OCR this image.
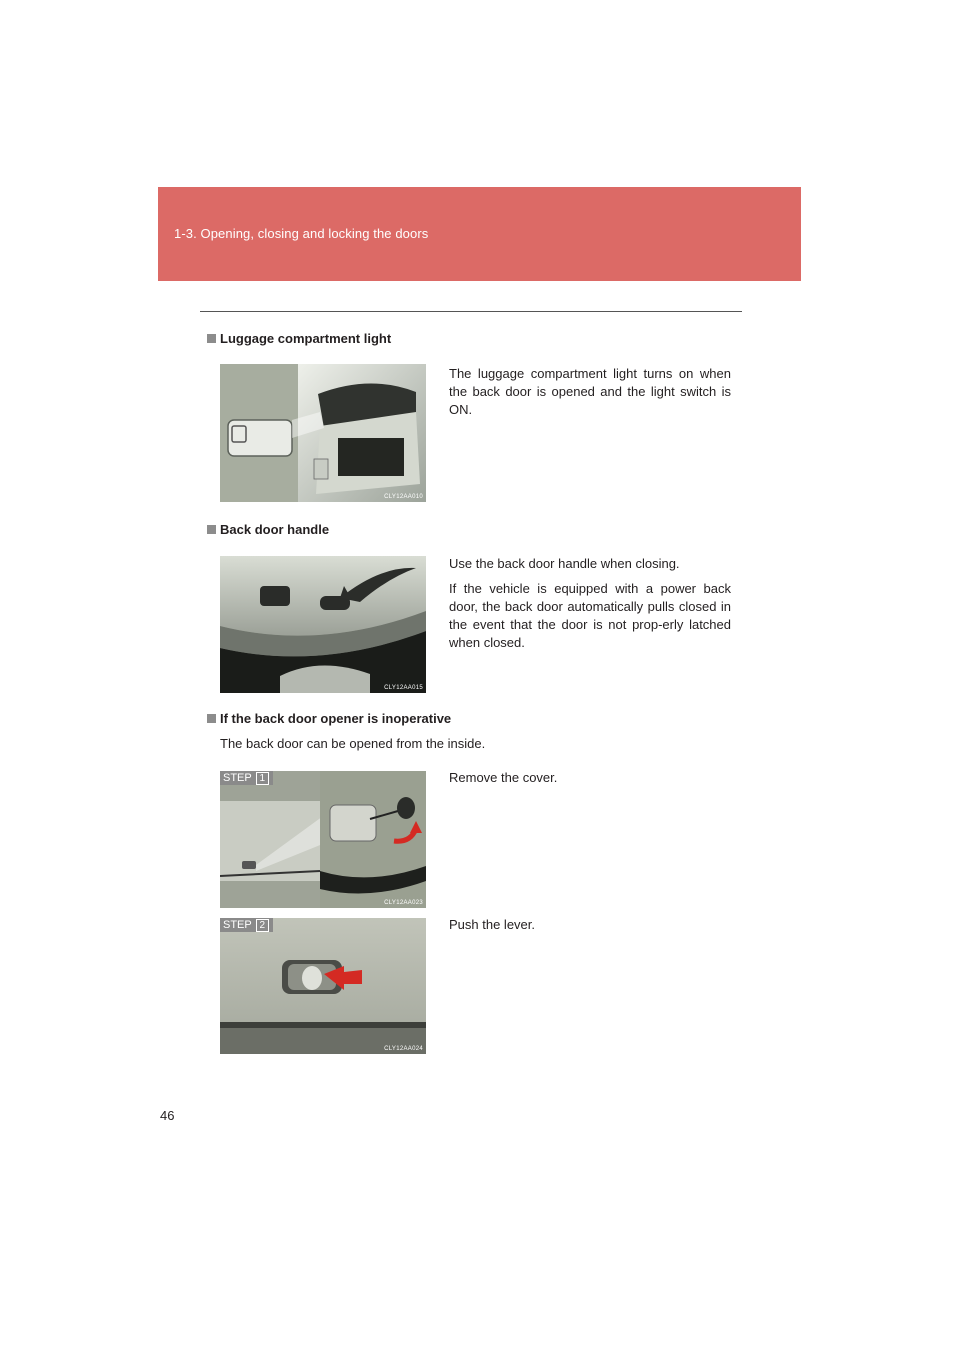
1-3. Opening, closing and locking the doors
Luggage compartment light
CLY12AA010

The luggage compartment light turns on when the back door is opened and the light switch is ON.

Back door handle
CLY12AA015

Use the back door handle when closing.

If the vehicle is equipped with a power back door, the back door automatically pulls closed in the event that the door is not prop-erly latched when closed.

If the back door opener is inoperative
The back door can be opened from the inside.
STEP 1
CLY12AA023

Remove the cover.

STEP 2
CLY12AA024

Push the lever.

46
